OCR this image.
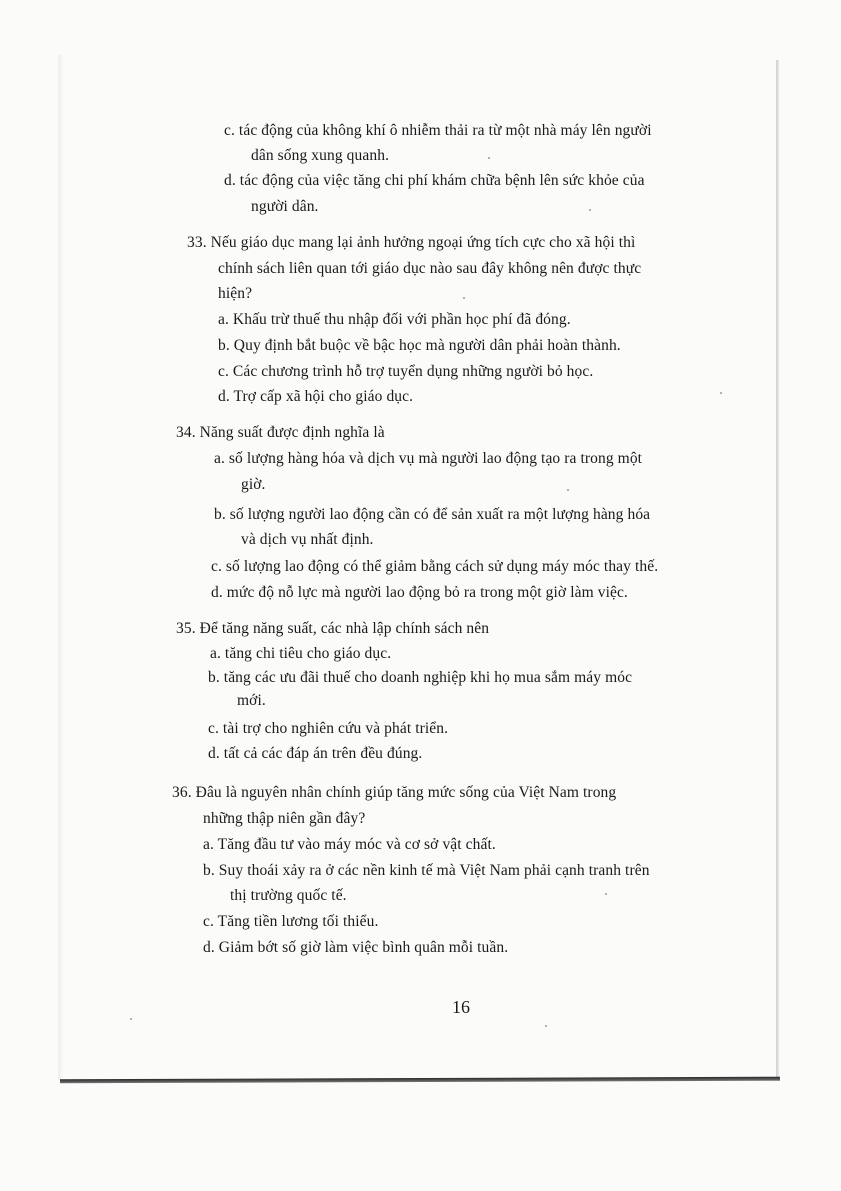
c. tác động của không khí ô nhiễm thải ra từ một nhà máy lên người
dân sống xung quanh.
d. tác động của việc tăng chi phí khám chữa bệnh lên sức khỏe của
người dân.
33. Nếu giáo dục mang lại ảnh hưởng ngoại ứng tích cực cho xã hội thì
chính sách liên quan tới giáo dục nào sau đây không nên được thực
hiện?
a. Khấu trừ thuế thu nhập đối với phần học phí đã đóng.
b. Quy định bắt buộc về bậc học mà người dân phải hoàn thành.
c. Các chương trình hỗ trợ tuyển dụng những người bỏ học.
d. Trợ cấp xã hội cho giáo dục.
34. Năng suất được định nghĩa là
a. số lượng hàng hóa và dịch vụ mà người lao động tạo ra trong một
giờ.
b. số lượng người lao động cần có để sản xuất ra một lượng hàng hóa
và dịch vụ nhất định.
c. số lượng lao động có thể giảm bằng cách sử dụng máy móc thay thế.
d. mức độ nỗ lực mà người lao động bỏ ra trong một giờ làm việc.
35. Để tăng năng suất, các nhà lập chính sách nên
a. tăng chi tiêu cho giáo dục.
b. tăng các ưu đãi thuế cho doanh nghiệp khi họ mua sắm máy móc
mới.
c. tài trợ cho nghiên cứu và phát triển.
d. tất cả các đáp án trên đều đúng.
36. Đâu là nguyên nhân chính giúp tăng mức sống của Việt Nam trong
những thập niên gần đây?
a. Tăng đầu tư vào máy móc và cơ sở vật chất.
b. Suy thoái xảy ra ở các nền kinh tế mà Việt Nam phải cạnh tranh trên
thị trường quốc tế.
c. Tăng tiền lương tối thiểu.
d. Giảm bớt số giờ làm việc bình quân mỗi tuần.
16
